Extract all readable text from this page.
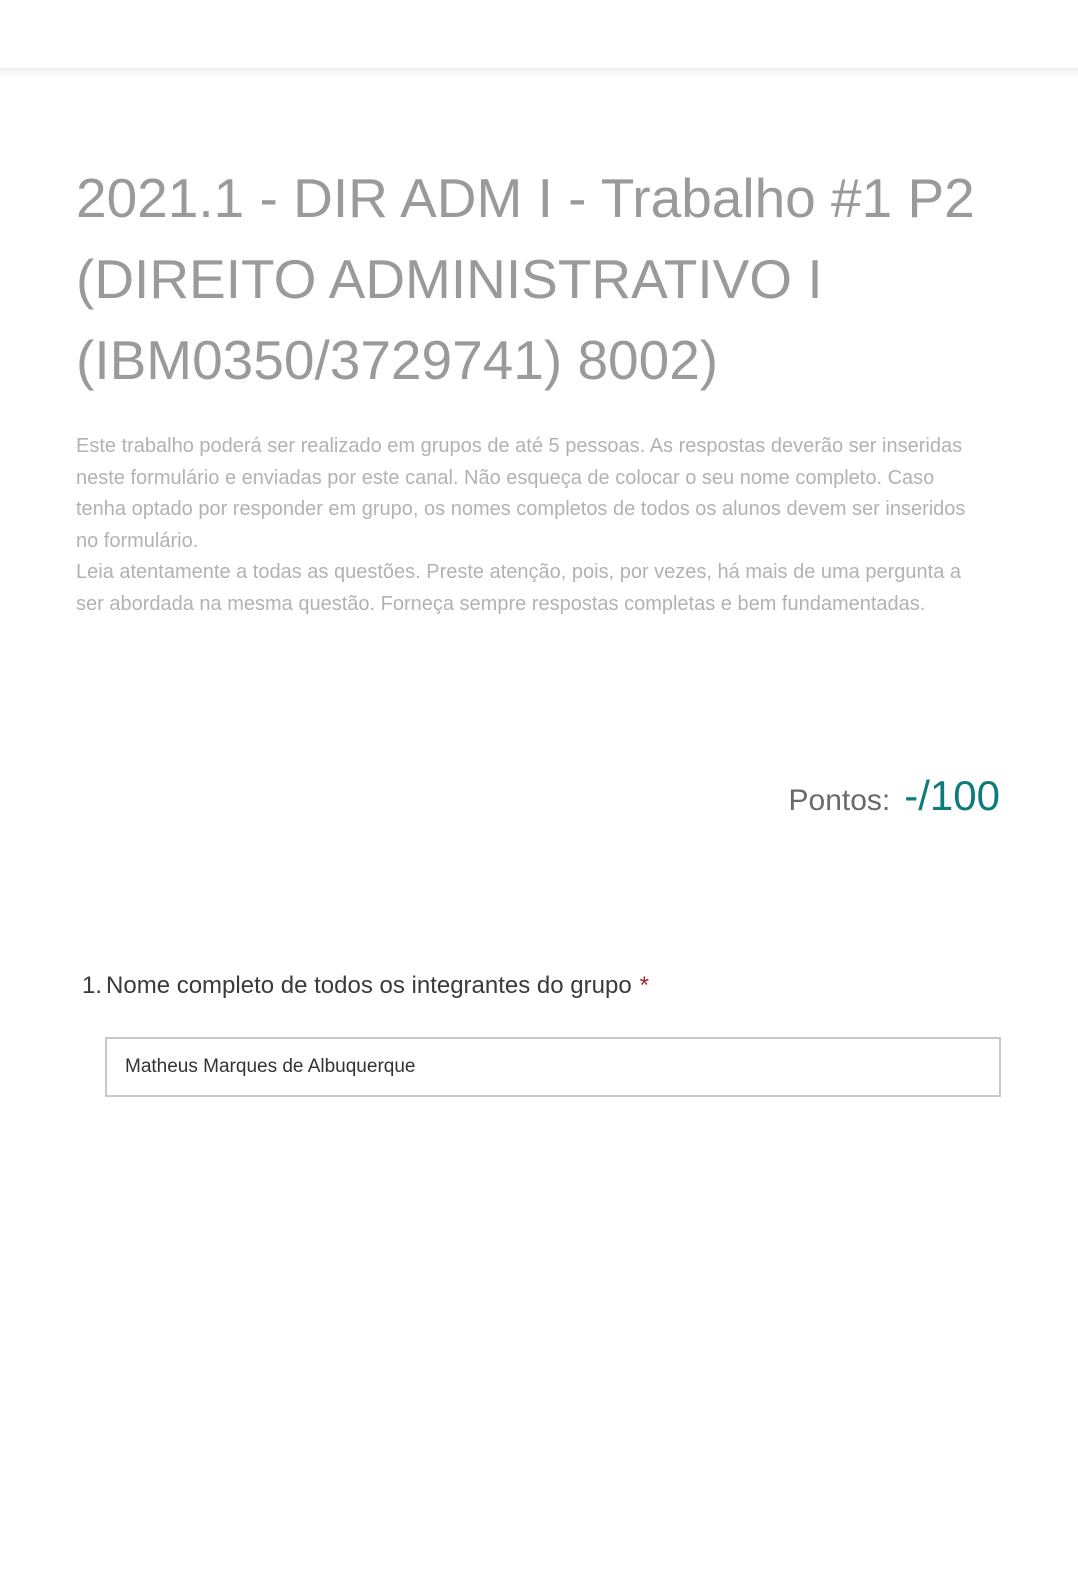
2021.1 - DIR ADM I - Trabalho #1 P2 (DIREITO ADMINISTRATIVO I (IBM0350/3729741) 8002)

Este trabalho poderá ser realizado em grupos de até 5 pessoas. As respostas deverão ser inseridas neste formulário e enviadas por este canal. Não esqueça de colocar o seu nome completo. Caso tenha optado por responder em grupo, os nomes completos de todos os alunos devem ser inseridos no formulário.

Leia atentamente a todas as questões. Preste atenção, pois, por vezes, há mais de uma pergunta a ser abordada na mesma questão. Forneça sempre respostas completas e bem fundamentadas.

Pontos: -/100
1. Nome completo de todos os integrantes do grupo *
Matheus Marques de Albuquerque
